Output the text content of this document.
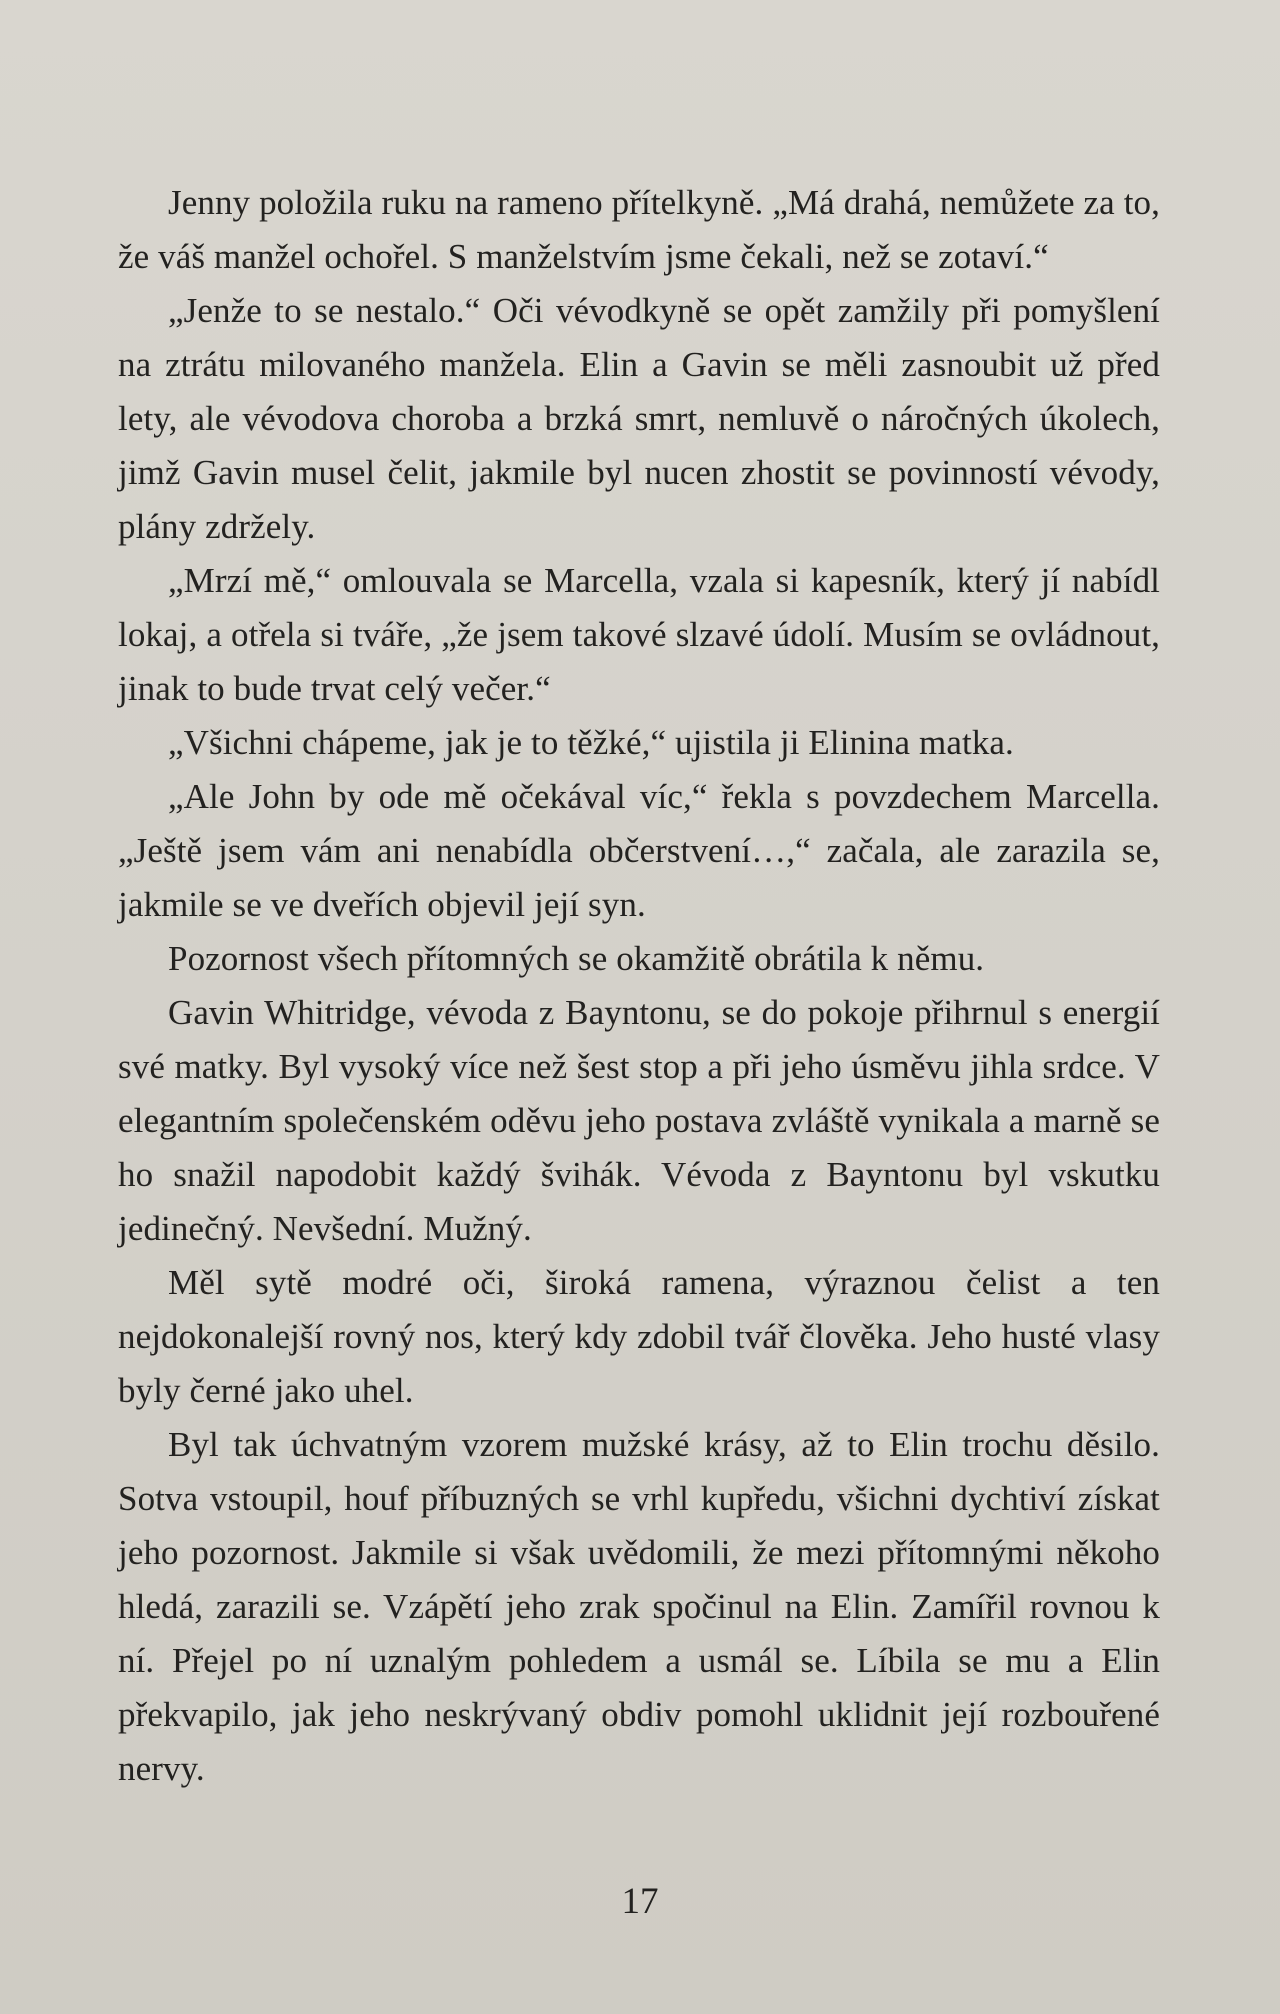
Jenny položila ruku na rameno přítelkyně. „Má drahá, nemůžete za to, že váš manžel ochořel. S manželstvím jsme čekali, než se zotaví.“

„Jenže to se nestalo.“ Oči vévodkyně se opět zamžily při pomyšlení na ztrátu milovaného manžela. Elin a Gavin se měli zasnoubit už před lety, ale vévodova choroba a brzká smrt, nemluvě o náročných úkolech, jimž Gavin musel čelit, jakmile byl nucen zhostit se povinností vévody, plány zdržely.

„Mrzí mě,“ omlouvala se Marcella, vzala si kapesník, který jí nabídl lokaj, a otřela si tváře, „že jsem takové slzavé údolí. Musím se ovládnout, jinak to bude trvat celý večer.“

„Všichni chápeme, jak je to těžké,“ ujistila ji Elinina matka.

„Ale John by ode mě očekával víc,“ řekla s povzdechem Marcella. „Ještě jsem vám ani nenabídla občerstvení…,“ začala, ale zarazila se, jakmile se ve dveřích objevil její syn.

Pozornost všech přítomných se okamžitě obrátila k němu.

Gavin Whitridge, vévoda z Bayntonu, se do pokoje přihrnul s energií své matky. Byl vysoký více než šest stop a při jeho úsměvu jihla srdce. V elegantním společenském oděvu jeho postava zvláště vynikala a marně se ho snažil napodobit každý švihák. Vévoda z Bayntonu byl vskutku jedinečný. Nevšední. Mužný.

Měl sytě modré oči, široká ramena, výraznou čelist a ten nejdokonalejší rovný nos, který kdy zdobil tvář člověka. Jeho husté vlasy byly černé jako uhel.

Byl tak úchvatným vzorem mužské krásy, až to Elin trochu děsilo. Sotva vstoupil, houf příbuzných se vrhl kupředu, všichni dychtiví získat jeho pozornost. Jakmile si však uvědomili, že mezi přítomnými někoho hledá, zarazili se. Vzápětí jeho zrak spočinul na Elin. Zamířil rovnou k ní. Přejel po ní uznalým pohledem a usmál se. Líbila se mu a Elin překvapilo, jak jeho neskrývaný obdiv pomohl uklidnit její rozbouřené nervy.

17
